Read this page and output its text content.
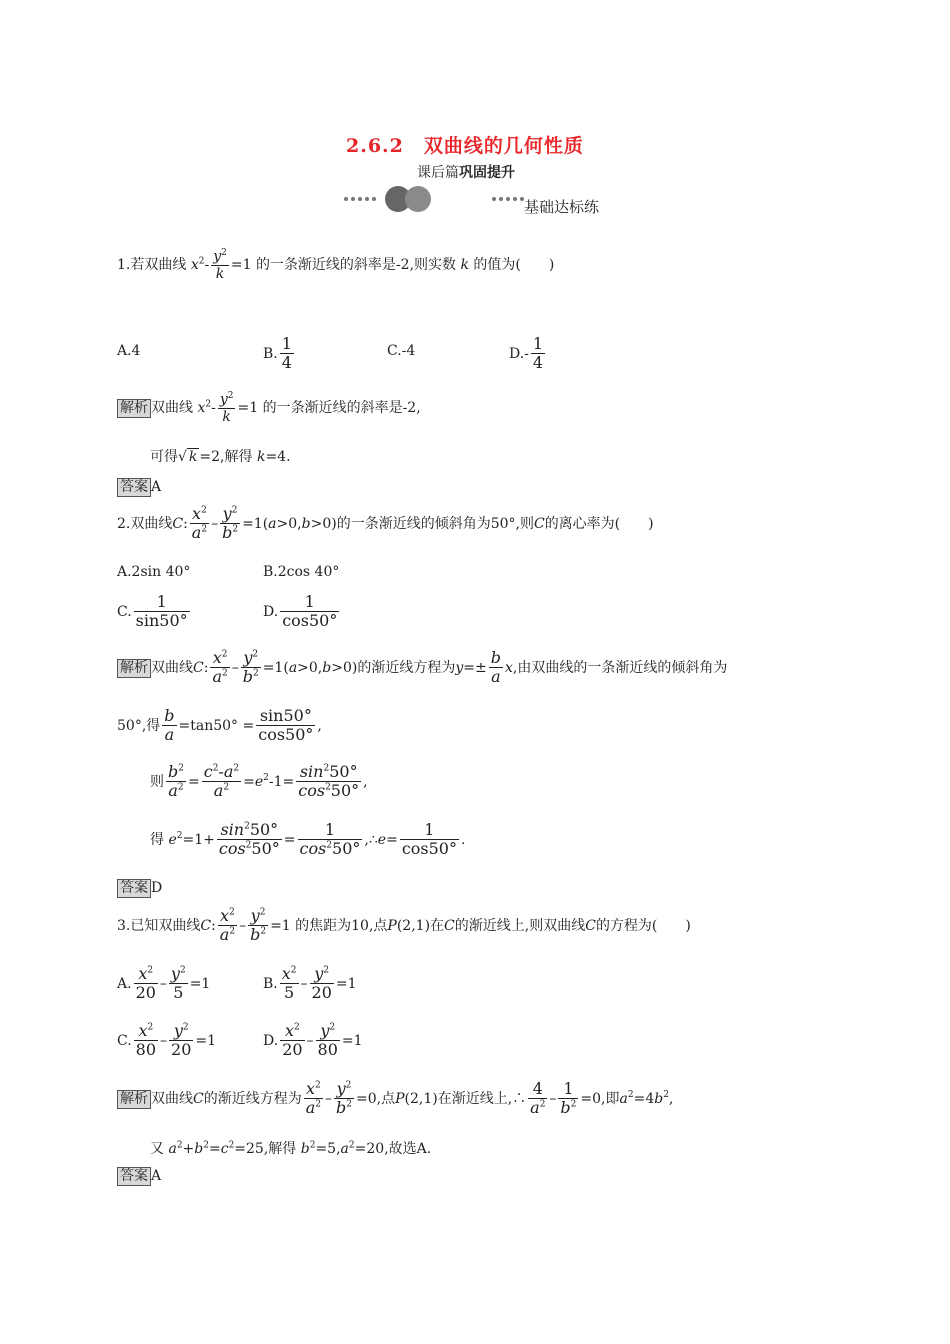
2.6.2　双曲线的几何性质
课后篇巩固提升
基础达标练
1.若双曲线 $x^2- \frac{y^2}{k} =1$ 的一条渐近线的斜率是-2,则实数 k 的值为(　　)
A.4	B. $\frac{1}{4}$	C.-4	$D.- \frac{1}{4}$
解析 双曲线 $x^2- \frac{y^2}{k} =1$ 的一条渐近线的斜率是-2,
可得√ k =2,解得 k=4.
答案 A
2.双曲线C: $\frac{x^2}{a^2} - \frac{y^2}{b^2} =1(a>0,b>0)$的一条渐近线的倾斜角为50°,则C的离心率为(　　)
A.2sin 40°	B.2cos 40°
C. $\frac{1}{\sin 50^\circ}$	D. $\frac{1}{\cos 50^\circ}$
解析 双曲线C: $\frac{x^2}{a^2} - \frac{y^2}{b^2} =1(a>0,b>0)$的渐近线方程为$y=\pm \frac{b}{a} x$,由双曲线的一条渐近线的倾斜角为
50°,得 $\frac{b}{a} =\tan 50^\circ = \frac{\sin 50^\circ}{\cos 50^\circ}$ ,
则 $\frac{b^2}{a^2} = \frac{c^2-a^2}{a^2} =e^2-1= \frac{\sin^250^\circ}{\cos^250^\circ}$ ,
得 $e^2=1+ \frac{\sin^250^\circ}{\cos^250^\circ} = \frac{1}{\cos^250^\circ}$ ,∴e= $\frac{1}{\cos 50^\circ}$ .
答案 D
3.已知双曲线C: $\frac{x^2}{a^2} - \frac{y^2}{b^2} =1$ 的焦距为10,点P(2,1)在C的渐近线上,则双曲线C的方程为(　　)
A. $\frac{x^2}{20} - \frac{y^2}{5} =1$	B. $\frac{x^2}{5} - \frac{y^2}{20} =1$
C. $\frac{x^2}{80} - \frac{y^2}{20} =1$	D. $\frac{x^2}{20} - \frac{y^2}{80} =1$
解析 双曲线C的渐近线方程为 $\frac{x^2}{a^2} - \frac{y^2}{b^2} =0$,点P(2,1)在渐近线上,∴ $\frac{4}{a^2} - \frac{1}{b^2} =0$,即$a^2=4b^2$,
又 $a^2+b^2=c^2=25$,解得 $b^2=5,a^2=20$,故选A.
答案 A
